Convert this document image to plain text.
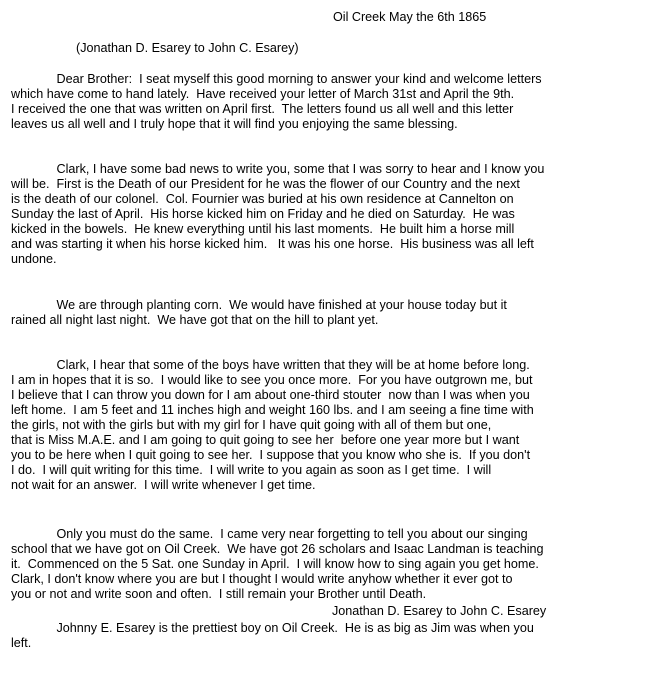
Oil Creek May the 6th 1865
(Jonathan D. Esarey to John C. Esarey)
Dear Brother:  I seat myself this good morning to answer your kind and welcome letters
which have come to hand lately.  Have received your letter of March 31st and April the 9th.
I received the one that was written on April first.  The letters found us all well and this letter
leaves us all well and I truly hope that it will find you enjoying the same blessing.
Clark, I have some bad news to write you, some that I was sorry to hear and I know you
will be.  First is the Death of our President for he was the flower of our Country and the next
is the death of our colonel.  Col. Fournier was buried at his own residence at Cannelton on
Sunday the last of April.  His horse kicked him on Friday and he died on Saturday.  He was
kicked in the bowels.  He knew everything until his last moments.  He built him a horse mill
and was starting it when his horse kicked him.   It was his one horse.  His business was all left
undone.
We are through planting corn.  We would have finished at your house today but it
rained all night last night.  We have got that on the hill to plant yet.
Clark, I hear that some of the boys have written that they will be at home before long.
I am in hopes that it is so.  I would like to see you once more.  For you have outgrown me, but
I believe that I can throw you down for I am about one-third stouter  now than I was when you
left home.  I am 5 feet and 11 inches high and weight 160 lbs. and I am seeing a fine time with
the girls, not with the girls but with my girl for I have quit going with all of them but one,
that is Miss M.A.E. and I am going to quit going to see her  before one year more but I want
you to be here when I quit going to see her.  I suppose that you know who she is.  If you don't
I do.  I will quit writing for this time.  I will write to you again as soon as I get time.  I will
not wait for an answer.  I will write whenever I get time.
Only you must do the same.  I came very near forgetting to tell you about our singing
school that we have got on Oil Creek.  We have got 26 scholars and Isaac Landman is teaching
it.  Commenced on the 5 Sat. one Sunday in April.  I will know how to sing again you get home.
Clark, I don't know where you are but I thought I would write anyhow whether it ever got to
you or not and write soon and often.  I still remain your Brother until Death.
Jonathan D. Esarey to John C. Esarey
Johnny E. Esarey is the prettiest boy on Oil Creek.  He is as big as Jim was when you
left.
